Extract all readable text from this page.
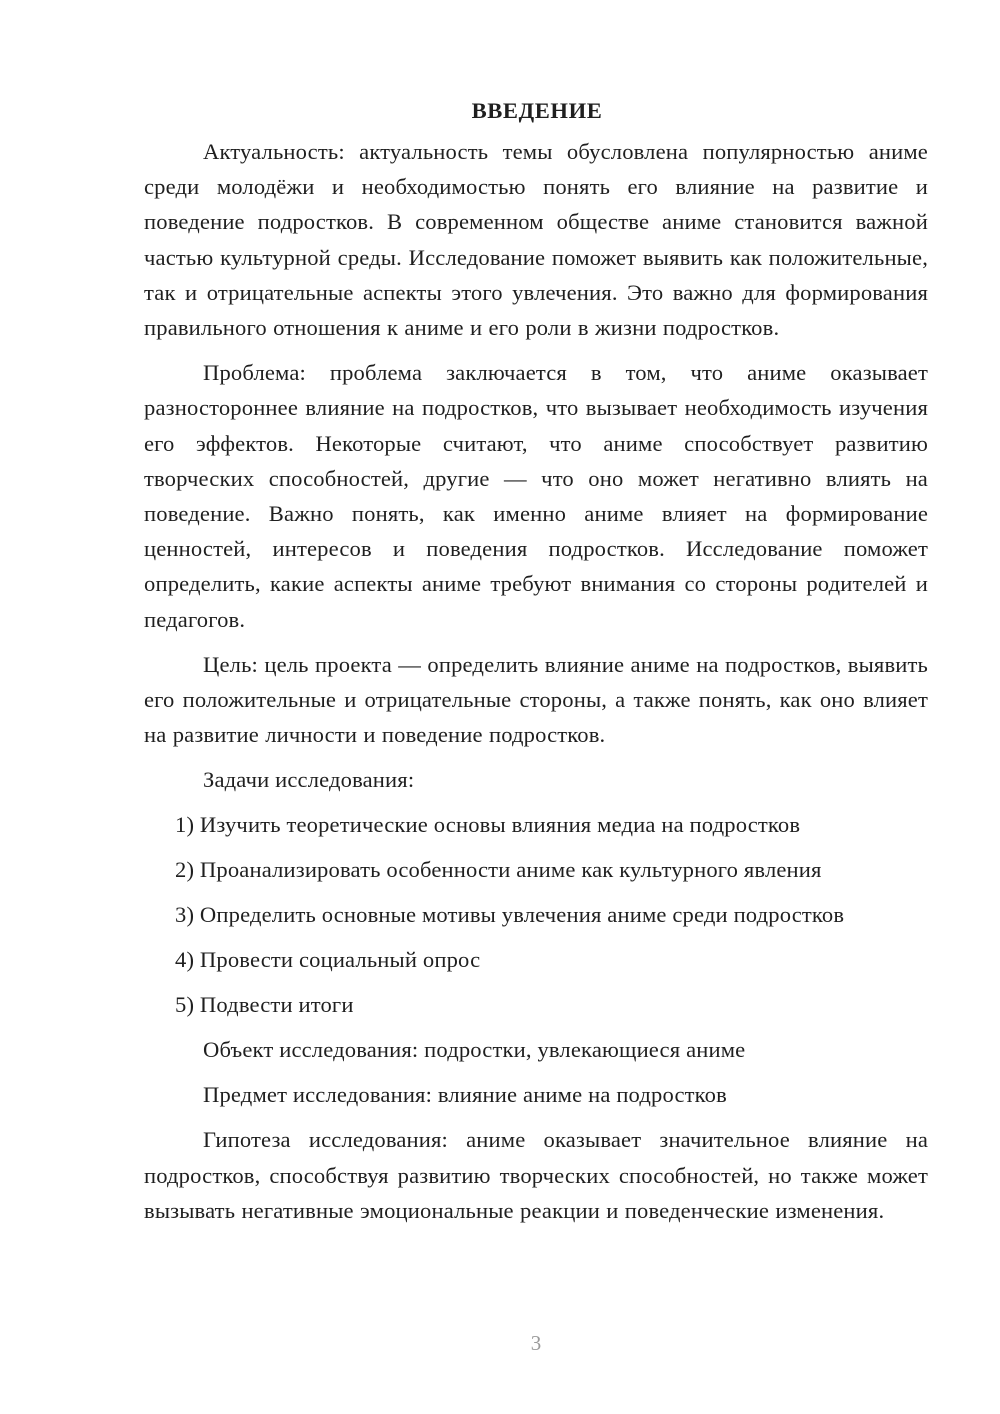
ВВЕДЕНИЕ

Актуальность: актуальность темы обусловлена популярностью аниме среди молодёжи и необходимостью понять его влияние на развитие и поведение подростков. В современном обществе аниме становится важной частью культурной среды. Исследование поможет выявить как положительные, так и отрицательные аспекты этого увлечения. Это важно для формирования правильного отношения к аниме и его роли в жизни подростков.

Проблема: проблема заключается в том, что аниме оказывает разностороннее влияние на подростков, что вызывает необходимость изучения его эффектов. Некоторые считают, что аниме способствует развитию творческих способностей, другие — что оно может негативно влиять на поведение. Важно понять, как именно аниме влияет на формирование ценностей, интересов и поведения подростков. Исследование поможет определить, какие аспекты аниме требуют внимания со стороны родителей и педагогов.

Цель: цель проекта — определить влияние аниме на подростков, выявить его положительные и отрицательные стороны, а также понять, как оно влияет на развитие личности и поведение подростков.

Задачи исследования:
1) Изучить теоретические основы влияния медиа на подростков
2) Проанализировать особенности аниме как культурного явления
3) Определить основные мотивы увлечения аниме среди подростков
4) Провести социальный опрос
5) Подвести итоги
Объект исследования: подростки, увлекающиеся аниме
Предмет исследования: влияние аниме на подростков

Гипотеза исследования: аниме оказывает значительное влияние на подростков, способствуя развитию творческих способностей, но также может вызывать негативные эмоциональные реакции и поведенческие изменения.

3
